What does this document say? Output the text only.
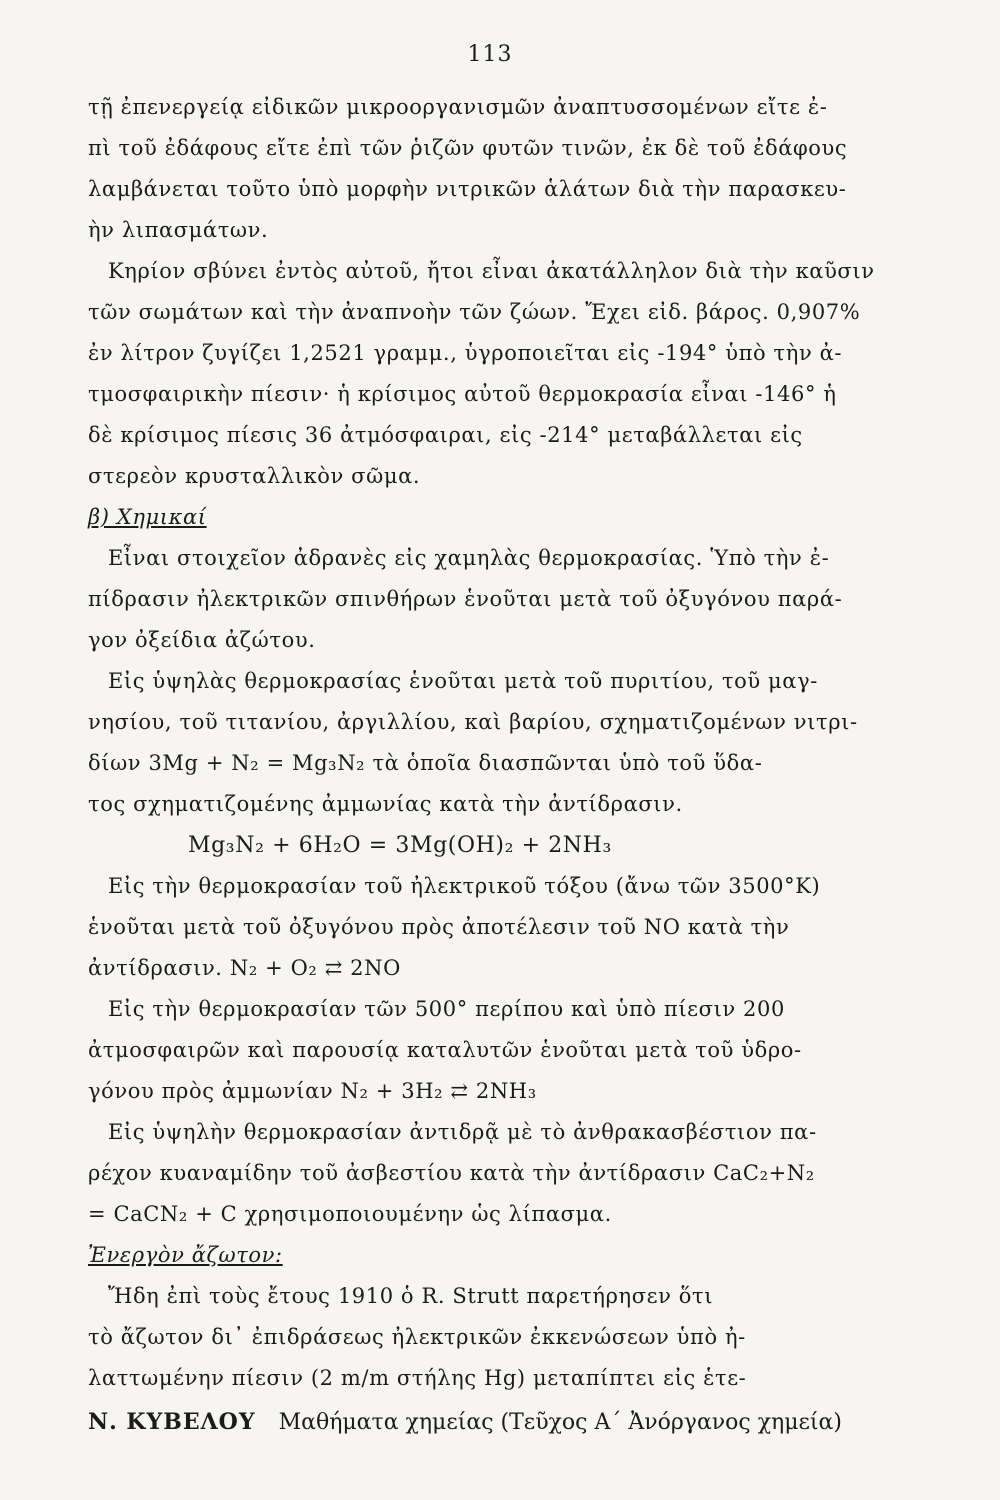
113
τῇ ἐπενεργείᾳ εἰδικῶν μικροοργανισμῶν ἀναπτυσσομένων εἴτε ἐ-
πὶ τοῦ ἐδάφους εἴτε ἐπὶ τῶν ῥιζῶν φυτῶν τινῶν, ἐκ δὲ τοῦ ἐδάφους
λαμβάνεται τοῦτο ὑπὸ μορφὴν νιτρικῶν ἁλάτων διὰ τὴν παρασκευ-
ὴν λιπασμάτων.
Κηρίον σβύνει ἐντὸς αὐτοῦ, ἤτοι εἶναι ἀκατάλληλον διὰ τὴν καῦσιν
τῶν σωμάτων καὶ τὴν ἀναπνοὴν τῶν ζώων. Ἔχει εἰδ. βάρος. 0,907%
ἐν λίτρον ζυγίζει 1,2521 γραμμ., ὑγροποιεῖται εἰς -194° ὑπὸ τὴν ἀ-
τμοσφαιρικὴν πίεσιν· ἡ κρίσιμος αὐτοῦ θερμοκρασία εἶναι -146° ἡ
δὲ κρίσιμος πίεσις 36 ἀτμόσφαιραι, εἰς -214° μεταβάλλεται εἰς
στερεὸν κρυσταλλικὸν σῶμα.
β) Χημικαί
Εἶναι στοιχεῖον ἀδρανὲς εἰς χαμηλὰς θερμοκρασίας. Ὑπὸ τὴν ἐ-
πίδρασιν ἠλεκτρικῶν σπινθήρων ἑνοῦται μετὰ τοῦ ὀξυγόνου παρά-
γον ὀξείδια ἀζώτου.
Εἰς ὑψηλὰς θερμοκρασίας ἑνοῦται μετὰ τοῦ πυριτίου, τοῦ μαγ-
νησίου, τοῦ τιτανίου, ἀργιλλίου, καὶ βαρίου, σχηματιζομένων νιτρι-
δίων 3Mg + N₂ = Mg₃N₂ τὰ ὁποῖα διασπῶνται ὑπὸ τοῦ ὕδα-
τος σχηματιζομένης ἀμμωνίας κατὰ τὴν ἀντίδρασιν.
Mg₃N₂ + 6H₂O = 3Mg(OH)₂ + 2NH₃
Εἰς τὴν θερμοκρασίαν τοῦ ἠλεκτρικοῦ τόξου (ἄνω τῶν 3500°K)
ἑνοῦται μετὰ τοῦ ὀξυγόνου πρὸς ἀποτέλεσιν τοῦ NO κατὰ τὴν
ἀντίδρασιν. N₂ + O₂ ⇄ 2NO
Εἰς τὴν θερμοκρασίαν τῶν 500° περίπου καὶ ὑπὸ πίεσιν 200
ἀτμοσφαιρῶν καὶ παρουσίᾳ καταλυτῶν ἑνοῦται μετὰ τοῦ ὑδρο-
γόνου πρὸς ἀμμωνίαν N₂ + 3H₂ ⇄ 2NH₃
Εἰς ὑψηλὴν θερμοκρασίαν ἀντιδρᾷ μὲ τὸ ἀνθρακασβέστιον πα-
ρέχον κυαναμίδην τοῦ ἀσβεστίου κατὰ τὴν ἀντίδρασιν CaC₂+N₂
= CaCN₂ + C χρησιμοποιουμένην ὡς λίπασμα.
Ἐνεργὸν ἄζωτον:
Ἤδη ἐπὶ τοὺς ἔτους 1910 ὁ R. Strutt παρετήρησεν ὅτι
τὸ ἄζωτον δι᾽ ἐπιδράσεως ἠλεκτρικῶν ἐκκενώσεων ὑπὸ ἠ-
λαττωμένην πίεσιν (2 m/m στήλης Hg) μεταπίπτει εἰς ἑτε-
Ν. ΚΥΒΕΛΟΥ Μαθήματα χημείας (Τεῦχος Α΄ Ἀνόργανος χημεία)
